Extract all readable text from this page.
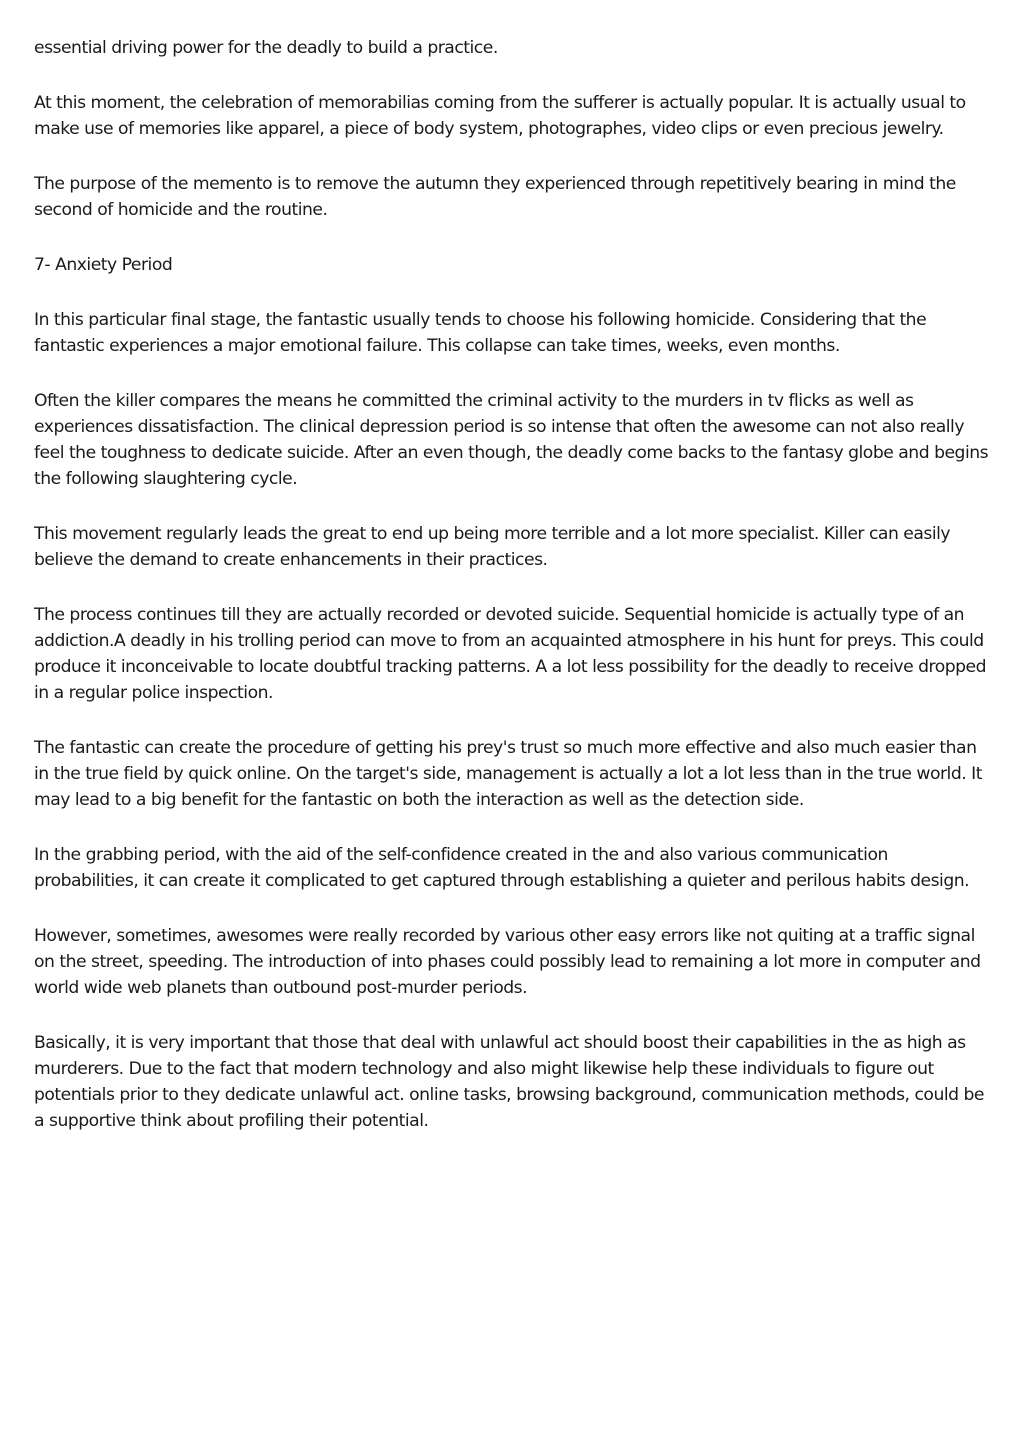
essential driving power for the deadly to build a practice.

At this moment, the celebration of memorabilias coming from the sufferer is actually popular. It is actually usual to make use of memories like apparel, a piece of body system, photographes, video clips or even precious jewelry.

The purpose of the memento is to remove the autumn they experienced through repetitively bearing in mind the second of homicide and the routine.

7- Anxiety Period

In this particular final stage, the fantastic usually tends to choose his following homicide. Considering that the fantastic experiences a major emotional failure. This collapse can take times, weeks, even months.

Often the killer compares the means he committed the criminal activity to the murders in tv flicks as well as experiences dissatisfaction. The clinical depression period is so intense that often the awesome can not also really feel the toughness to dedicate suicide. After an even though, the deadly come backs to the fantasy globe and begins the following slaughtering cycle.

This movement regularly leads the great to end up being more terrible and a lot more specialist. Killer can easily believe the demand to create enhancements in their practices.

The process continues till they are actually recorded or devoted suicide. Sequential homicide is actually type of an addiction.A deadly in his trolling period can move to from an acquainted atmosphere in his hunt for preys. This could produce it inconceivable to locate doubtful tracking patterns. A a lot less possibility for the deadly to receive dropped in a regular police inspection.

The fantastic can create the procedure of getting his prey's trust so much more effective and also much easier than in the true field by quick online. On the target's side, management is actually a lot a lot less than in the true world. It may lead to a big benefit for the fantastic on both the interaction as well as the detection side.

In the grabbing period, with the aid of the self-confidence created in the and also various communication probabilities, it can create it complicated to get captured through establishing a quieter and perilous habits design.

However, sometimes, awesomes were really recorded by various other easy errors like not quiting at a traffic signal on the street, speeding. The introduction of into phases could possibly lead to remaining a lot more in computer and world wide web planets than outbound post-murder periods.

Basically, it is very important that those that deal with unlawful act should boost their capabilities in the as high as murderers. Due to the fact that modern technology and also might likewise help these individuals to figure out potentials prior to they dedicate unlawful act. online tasks, browsing background, communication methods, could be a supportive think about profiling their potential.
